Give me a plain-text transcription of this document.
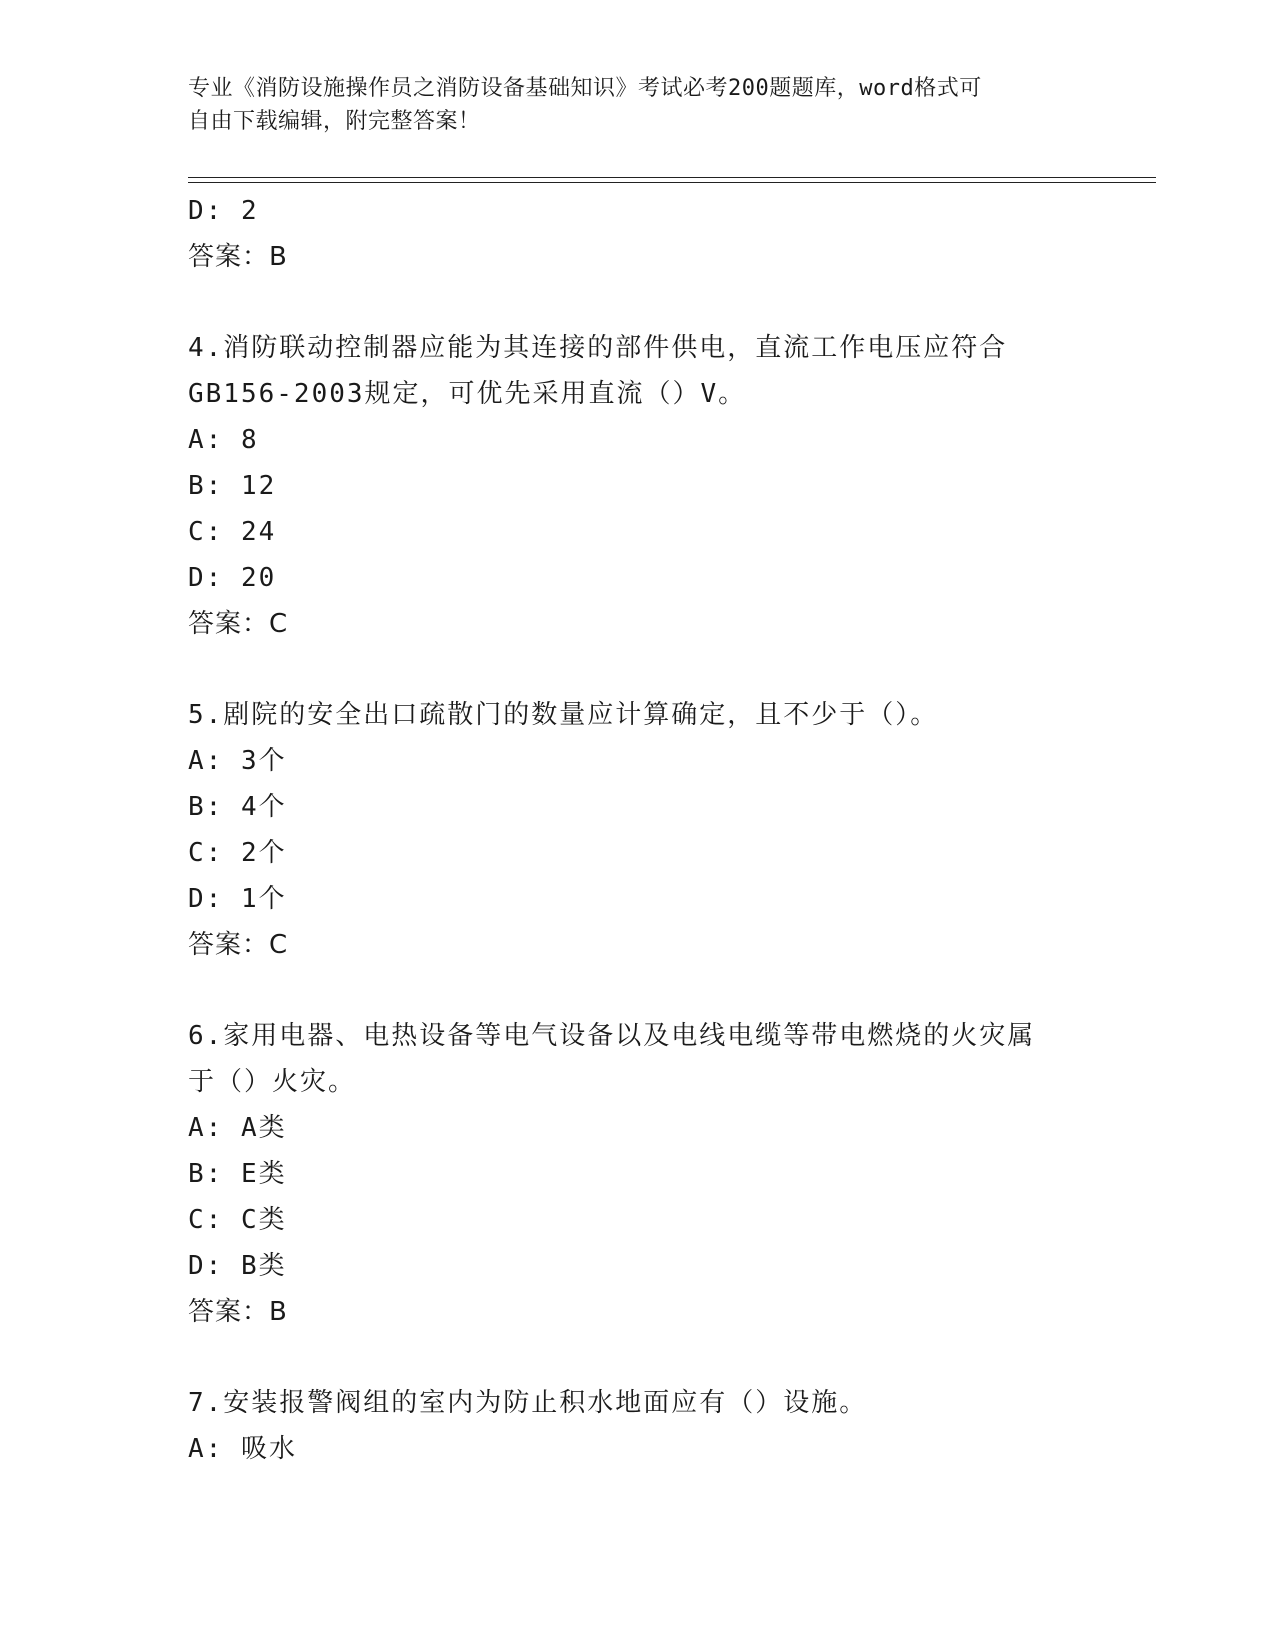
专业《消防设施操作员之消防设备基础知识》考试必考200题题库，word格式可
自由下载编辑，附完整答案！
D: 2
答案：B
4.消防联动控制器应能为其连接的部件供电，直流工作电压应符合
GB156-2003规定，可优先采用直流（）V。
A: 8
B: 12
C: 24
D: 20
答案：C
5.剧院的安全出口疏散门的数量应计算确定，且不少于（）。
A: 3个
B: 4个
C: 2个
D: 1个
答案：C
6.家用电器、电热设备等电气设备以及电线电缆等带电燃烧的火灾属
于（）火灾。
A: A类
B: E类
C: C类
D: B类
答案：B
7.安装报警阀组的室内为防止积水地面应有（）设施。
A: 吸水
